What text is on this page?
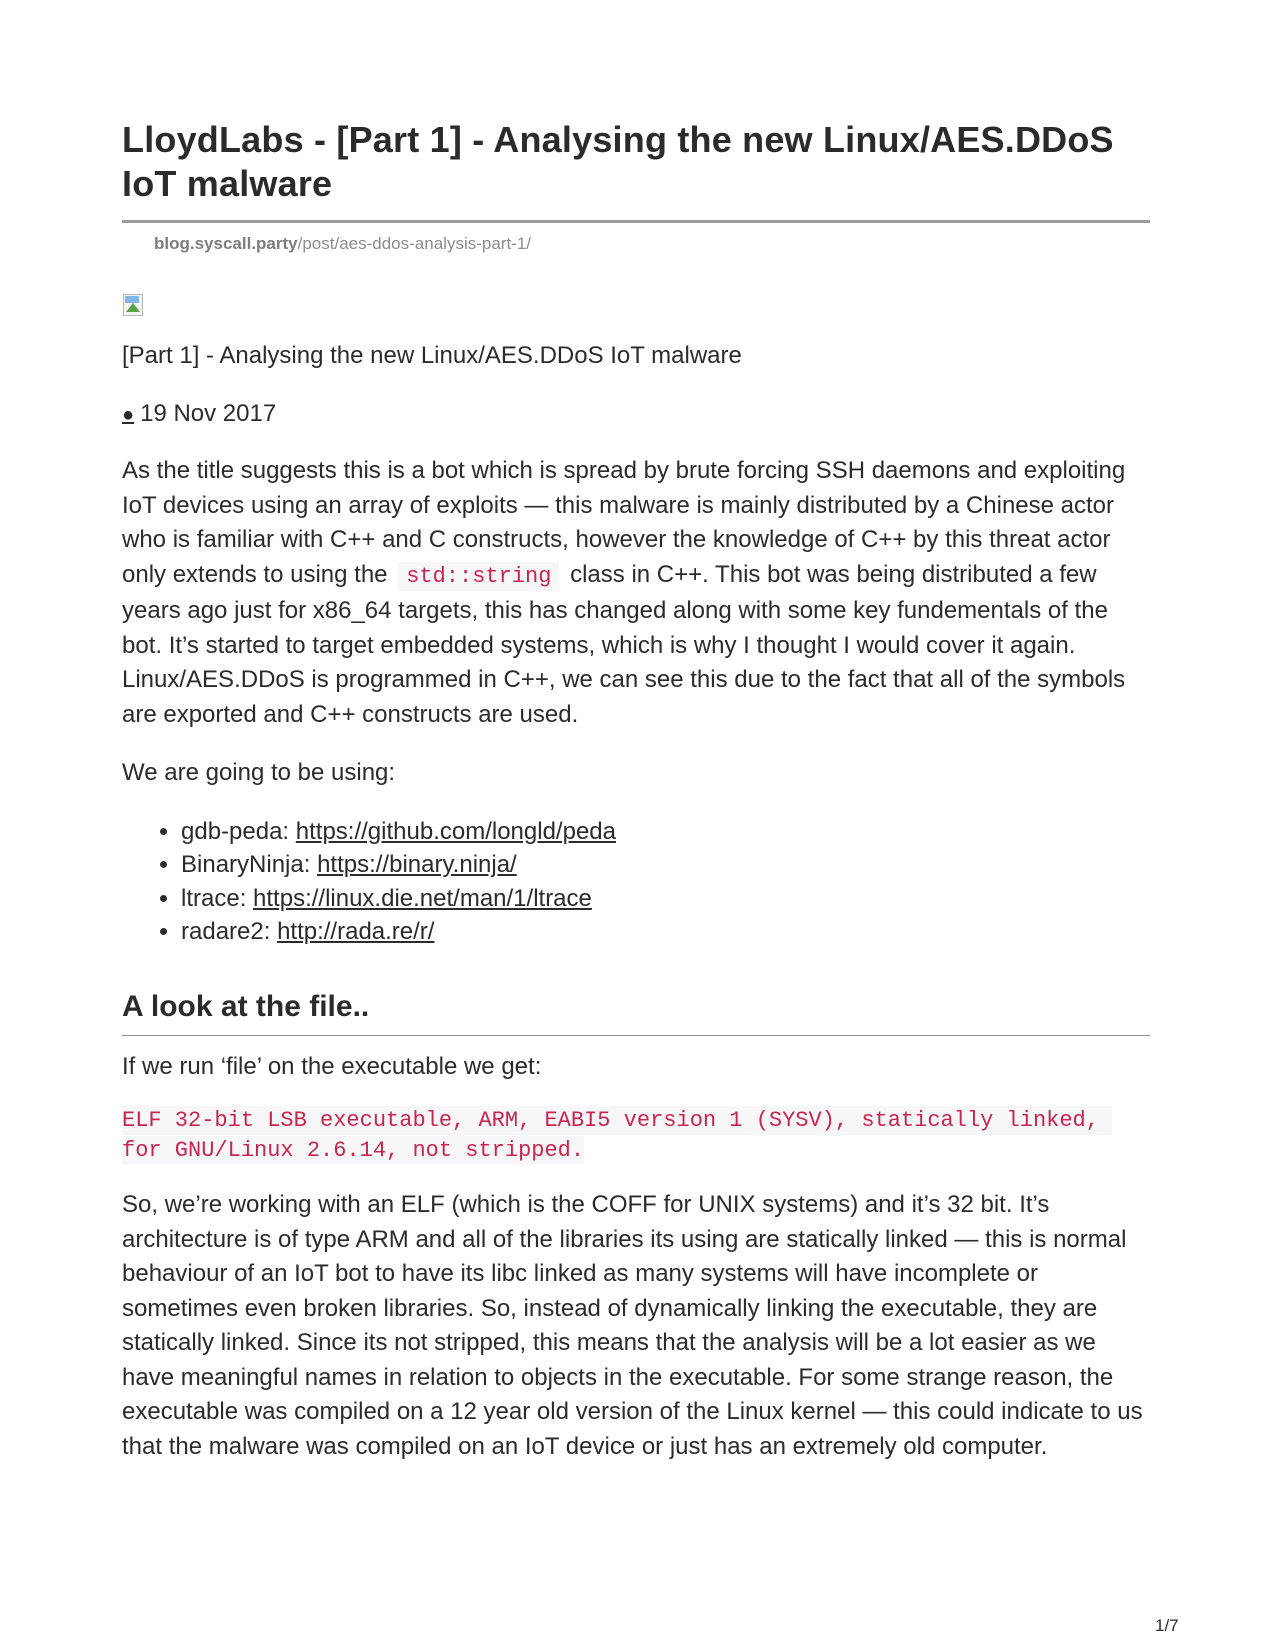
LloydLabs - [Part 1] - Analysing the new Linux/AES.DDoS IoT malware
blog.syscall.party/post/aes-ddos-analysis-part-1/
[Part 1] - Analysing the new Linux/AES.DDoS IoT malware
● 19 Nov 2017

As the title suggests this is a bot which is spread by brute forcing SSH daemons and exploiting IoT devices using an array of exploits — this malware is mainly distributed by a Chinese actor who is familiar with C++ and C constructs, however the knowledge of C++ by this threat actor only extends to using the std::string class in C++. This bot was being distributed a few years ago just for x86_64 targets, this has changed along with some key fundementals of the bot. It’s started to target embedded systems, which is why I thought I would cover it again. Linux/AES.DDoS is programmed in C++, we can see this due to the fact that all of the symbols are exported and C++ constructs are used.

We are going to be using:

• gdb-peda: https://github.com/longld/peda
• BinaryNinja: https://binary.ninja/
• ltrace: https://linux.die.net/man/1/ltrace
• radare2: http://rada.re/r/
A look at the file..

If we run ‘file’ on the executable we get:

ELF 32-bit LSB executable, ARM, EABI5 version 1 (SYSV), statically linked, for GNU/Linux 2.6.14, not stripped.

So, we’re working with an ELF (which is the COFF for UNIX systems) and it’s 32 bit. It’s architecture is of type ARM and all of the libraries its using are statically linked — this is normal behaviour of an IoT bot to have its libc linked as many systems will have incomplete or sometimes even broken libraries. So, instead of dynamically linking the executable, they are statically linked. Since its not stripped, this means that the analysis will be a lot easier as we have meaningful names in relation to objects in the executable. For some strange reason, the executable was compiled on a 12 year old version of the Linux kernel — this could indicate to us that the malware was compiled on an IoT device or just has an extremely old computer.

1/7
